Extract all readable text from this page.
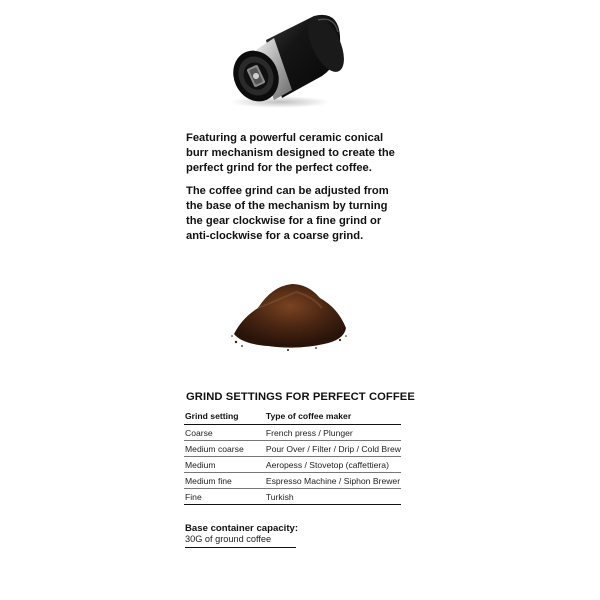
Featuring a powerful ceramic conical
burr mechanism designed to create the
perfect grind for the perfect coffee.

The coffee grind can be adjusted from
the base of the mechanism by turning
the gear clockwise for a fine grind or
anti-clockwise for a coarse grind.

GRIND SETTINGS FOR PERFECT COFFEE
Grind setting	Type of coffee maker
Coarse	French press / Plunger
Medium coarse	Pour Over / Filter / Drip / Cold Brew
Medium	Aeropess / Stovetop (caffettiera)
Medium fine	Espresso Machine / Siphon Brewer
Fine	Turkish
Base container capacity:
30G of ground coffee
